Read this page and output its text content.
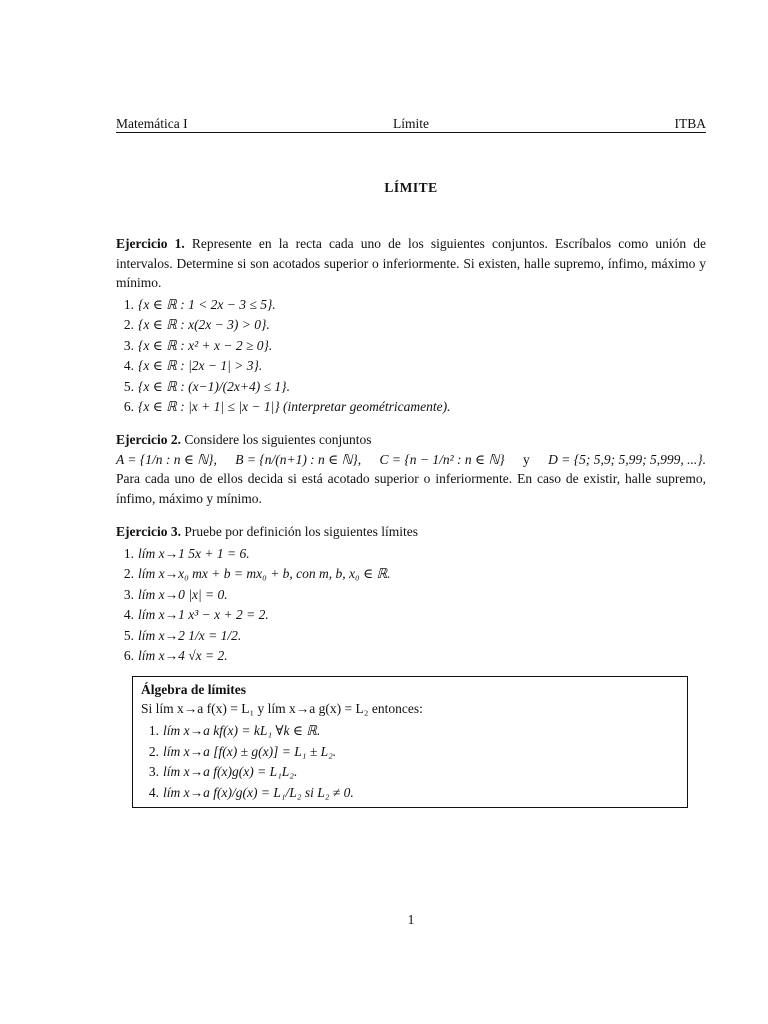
Matemática I	Límite	ITBA
LÍMITE

Ejercicio 1. Represente en la recta cada uno de los siguientes conjuntos. Escríbalos como unión de intervalos. Determine si son acotados superior o inferiormente. Si existen, halle supremo, ínfimo, máximo y mínimo.

1. {x ∈ ℝ : 1 < 2x − 3 ≤ 5}.
2. {x ∈ ℝ : x(2x − 3) > 0}.
3. {x ∈ ℝ : x² + x − 2 ≥ 0}.
4. {x ∈ ℝ : |2x − 1| > 3}.
5. {x ∈ ℝ : (x−1)/(2x+4) ≤ 1}.
6. {x ∈ ℝ : |x + 1| ≤ |x − 1|} (interpretar geométricamente).

Ejercicio 2. Considere los siguientes conjuntos

A = {1/n : n ∈ ℕ}, B = {n/(n+1) : n ∈ ℕ}, C = {n − 1/n² : n ∈ ℕ} y D = {5; 5,9; 5,99; 5,999, ...}.

Para cada uno de ellos decida si está acotado superior o inferiormente. En caso de existir, halle supremo, ínfimo, máximo y mínimo.

Ejercicio 3. Pruebe por definición los siguientes límites

1. lím x→1 5x + 1 = 6.
2. lím x→x₀ mx + b = mx₀ + b, con m, b, x₀ ∈ ℝ.
3. lím x→0 |x| = 0.
4. lím x→1 x³ − x + 2 = 2.
5. lím x→2 1/x = 1/2.
6. lím x→4 √x = 2.
Álgebra de límites

Si lím x→a f(x) = L₁ y lím x→a g(x) = L₂ entonces:

1. lím x→a kf(x) = kL₁ ∀k ∈ ℝ.
2. lím x→a [f(x) ± g(x)] = L₁ ± L₂.
3. lím x→a f(x)g(x) = L₁L₂.
4. lím x→a f(x)/g(x) = L₁/L₂ si L₂ ≠ 0.
1
